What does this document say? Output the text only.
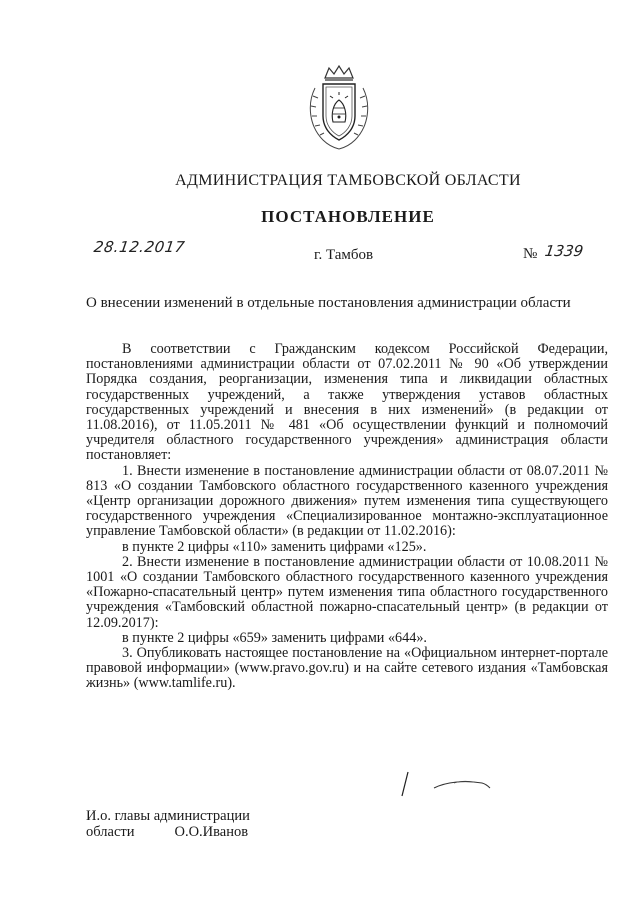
АДМИНИСТРАЦИЯ ТАМБОВСКОЙ ОБЛАСТИ
ПОСТАНОВЛЕНИЕ
28.12.2017	г. Тамбов	№ 1339
О внесении изменений в отдельные постановления администрации области

В соответствии с Гражданским кодексом Российской Федерации, постановлениями администрации области от 07.02.2011 № 90 «Об утверждении Порядка создания, реорганизации, изменения типа и ликвидации областных государственных учреждений, а также утверждения уставов областных государственных учреждений и внесения в них изменений» (в редакции от 11.08.2016), от 11.05.2011 № 481 «Об осуществлении функций и полномочий учредителя областного государственного учреждения» администрация области постановляет:

1. Внести изменение в постановление администрации области от 08.07.2011 № 813 «О создании Тамбовского областного государственного казенного учреждения «Центр организации дорожного движения» путем изменения типа существующего государственного учреждения «Специализированное монтажно-эксплуатационное управление Тамбовской области» (в редакции от 11.02.2016):

в пункте 2 цифры «110» заменить цифрами «125».

2. Внести изменение в постановление администрации области от 10.08.2011 № 1001 «О создании Тамбовского областного государственного казенного учреждения «Пожарно-спасательный центр» путем изменения типа областного государственного учреждения «Тамбовский областной пожарно-спасательный центр» (в редакции от 12.09.2017):

в пункте 2 цифры «659» заменить цифрами «644».

3. Опубликовать настоящее постановление на «Официальном интернет-портале правовой информации» (www.pravo.gov.ru) и на сайте сетевого издания «Тамбовская жизнь» (www.tamlife.ru).

И.о. главы администрации
области	О.О.Иванов
